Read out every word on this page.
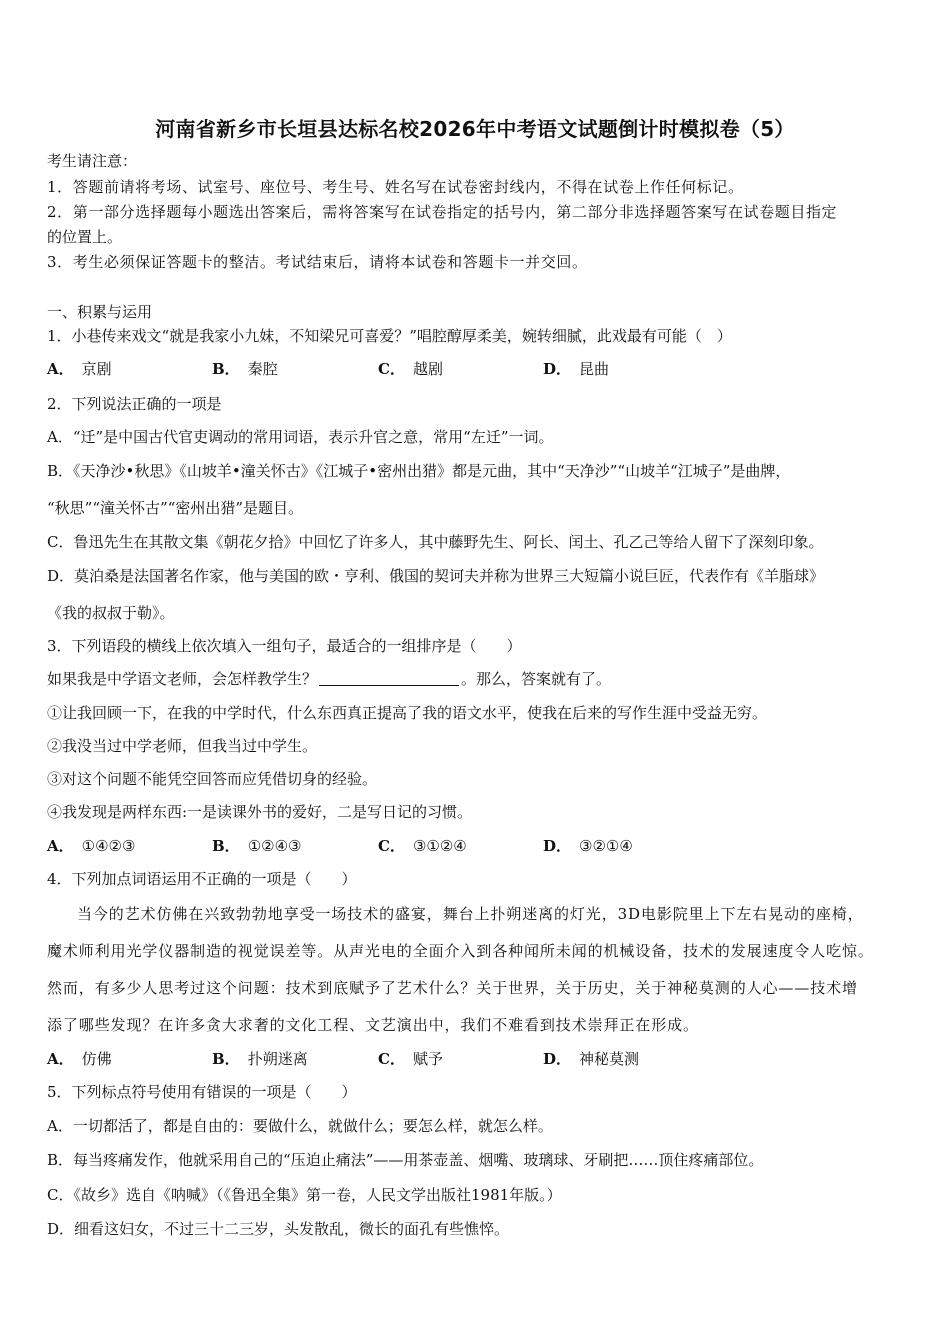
河南省新乡市长垣县达标名校2026年中考语文试题倒计时模拟卷（5）
考生请注意：
1．答题前请将考场、试室号、座位号、考生号、姓名写在试卷密封线内，不得在试卷上作任何标记。
2．第一部分选择题每小题选出答案后，需将答案写在试卷指定的括号内，第二部分非选择题答案写在试卷题目指定
的位置上。
3．考生必须保证答题卡的整洁。考试结束后，请将本试卷和答题卡一并交回。
一、积累与运用
1．小巷传来戏文“就是我家小九妹，不知梁兄可喜爱？”唱腔醇厚柔美，婉转细腻，此戏最有可能（　）
A． 京剧	B． 秦腔	C． 越剧	D． 昆曲
2．下列说法正确的一项是
A．“迁”是中国古代官吏调动的常用词语，表示升官之意，常用“左迁”一词。
B．《天净沙•秋思》《山坡羊•潼关怀古》《江城子•密州出猎》都是元曲，其中“天净沙”“山坡羊“江城子”是曲牌，
“秋思”“潼关怀古”“密州出猎”是题目。
C．鲁迅先生在其散文集《朝花夕拾》中回忆了许多人，其中藤野先生、阿长、闰土、孔乙己等给人留下了深刻印象。
D．莫泊桑是法国著名作家，他与美国的欧・亨利、俄国的契诃夫并称为世界三大短篇小说巨匠，代表作有《羊脂球》
《我的叔叔于勒》。
3．下列语段的横线上依次填入一组句子，最适合的一组排序是（　　）
如果我是中学语文老师，会怎样教学生？	。那么，答案就有了。
①让我回顾一下，在我的中学时代，什么东西真正提高了我的语文水平，使我在后来的写作生涯中受益无穷。
②我没当过中学老师，但我当过中学生。
③对这个问题不能凭空回答而应凭借切身的经验。
④我发现是两样东西:一是读课外书的爱好，二是写日记的习惯。
A． ①④②③	B． ①②④③	C． ③①②④	D． ③②①④
4．下列加点词语运用不正确的一项是（　　）
当今的艺术仿佛在兴致勃勃地享受一场技术的盛宴，舞台上扑朔迷离的灯光，3D电影院里上下左右晃动的座椅，
魔术师利用光学仪器制造的视觉误差等。从声光电的全面介入到各种闻所未闻的机械设备，技术的发展速度令人吃惊。
然而，有多少人思考过这个问题：技术到底赋予了艺术什么？关于世界，关于历史，关于神秘莫测的人心——技术增
添了哪些发现？在许多贪大求奢的文化工程、文艺演出中，我们不难看到技术崇拜正在形成。
A． 仿佛	B． 扑朔迷离	C． 赋予	D． 神秘莫测
5．下列标点符号使用有错误的一项是（　　）
A．一切都活了，都是自由的：要做什么，就做什么；要怎么样，就怎么样。
B．每当疼痛发作，他就采用自己的“压迫止痛法”——用茶壶盖、烟嘴、玻璃球、牙刷把……顶住疼痛部位。
C．《故乡》选自《呐喊》（《鲁迅全集》第一卷，人民文学出版社1981年版。）
D．细看这妇女，不过三十二三岁，头发散乱，微长的面孔有些憔悴。
